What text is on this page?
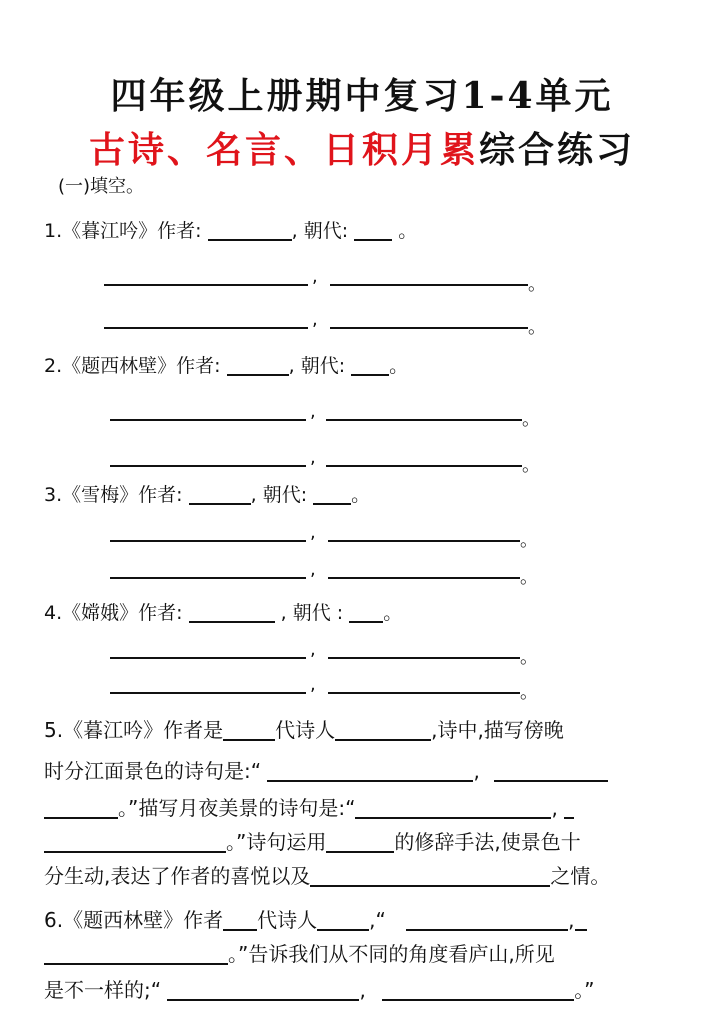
四年级上册期中复习1-4单元
古诗、名言、日积月累综合练习
(一)填空。
1.《暮江吟》作者:	, 朝代:	。
,	。
,	。
2.《题西林壁》作者:	, 朝代: 。
,	。
,	。
3.《雪梅》作者:	, 朝代: 。
,	。
,	。
4.《嫦娥》作者:	, 朝代 : 。
,	。
,	。
5.《暮江吟》作者是	代诗人	,诗中,描写傍晚
时分江面景色的诗句是:“	,
。”描写月夜美景的诗句是:“	,
。”诗句运用	的修辞手法,使景色十
分生动,表达了作者的喜悦以及	之情。
6.《题西林壁》作者 代诗人	,“	,
。”告诉我们从不同的角度看庐山,所见
是不一样的;“	,	。”
